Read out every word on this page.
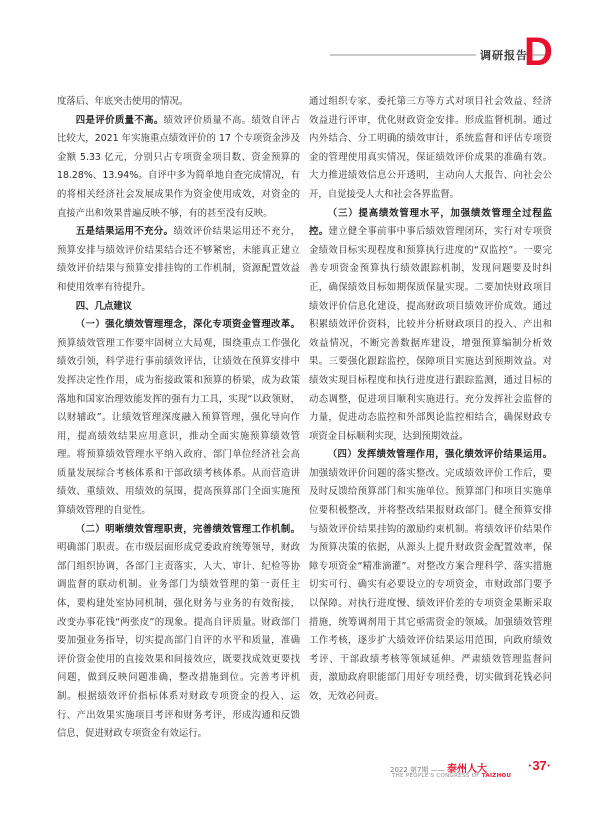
调研报告
D

度落后、年底突击使用的情况。

四是评价质量不高。绩效评价质量不高。绩效自评占比较大，2021 年实施重点绩效评价的 17 个专项资金涉及金额 5.33 亿元，分别只占专项资金项目数、资金预算的 18.28%、13.94%。自评中多为简单地自查完成情况，有的将相关经济社会发展成果作为资金使用成效，对资金的直接产出和效果普遍反映不够，有的甚至没有反映。

五是结果运用不充分。绩效评价结果运用还不充分，预算安排与绩效评价结果结合还不够紧密，未能真正建立绩效评价结果与预算安排挂钩的工作机制，资源配置效益和使用效率有待提升。

四、几点建议

（一）强化绩效管理理念，深化专项资金管理改革。预算绩效管理工作要牢固树立大局观，围绕重点工作强化绩效引领，科学进行事前绩效评估，让绩效在预算安排中发挥决定性作用，成为衔接政策和预算的桥梁，成为政策落地和国家治理效能发挥的强有力工具，实现“以政领财，以财辅政”。让绩效管理深度融入预算管理，强化导向作用，提高绩效结果应用意识，推动全面实施预算绩效管理。将预算绩效管理水平纳入政府、部门单位经济社会高质量发展综合考核体系和干部政绩考核体系。从而营造讲绩效、重绩效、用绩效的氛围，提高预算部门全面实施预算绩效管理的自觉性。

（二）明晰绩效管理职责，完善绩效管理工作机制。明确部门职责。在市级层面形成党委政府统筹领导，财政部门组织协调，各部门主责落实，人大、审计、纪检等协调监督的联动机制。业务部门为绩效管理的第一责任主体，要构建处室协同机制，强化财务与业务的有效衔接，改变办事花钱“两张皮”的现象。提高自评质量。财政部门要加强业务指导，切实提高部门自评的水平和质量，准确评价资金使用的直接效果和间接效应，既要找成效更要找问题，做到反映问题准确，整改措施到位。完善考评机制。根据绩效评价指标体系对财政专项资金的投入、运行、产出效果实施项目考评和财务考评，形成沟通和反馈信息，促进财政专项资金有效运行。

通过组织专家、委托第三方等方式对项目社会效益、经济效益进行评审，优化财政资金安排。形成监督机制。通过内外结合、分工明确的绩效审计，系统监督和评估专项资金的管理使用真实情况，保证绩效评价成果的准确有效。大力推进绩效信息公开透明，主动向人大报告、向社会公开，自觉接受人大和社会各界监督。

（三）提高绩效管理水平，加强绩效管理全过程监控。建立健全事前事中事后绩效管理闭环，实行对专项资金绩效目标实现程度和预算执行进度的“双监控”。一要完善专项资金预算执行绩效跟踪机制，发现问题要及时纠正，确保绩效目标如期保质保量实现。二要加快财政项目绩效评价信息化建设，提高财政项目绩效评价成效。通过积累绩效评价资料，比较并分析财政项目的投入、产出和效益情况，不断完善数据库建设，增强预算编制分析效果。三要强化跟踪监控，保障项目实施达到预期效益。对绩效实现目标程度和执行进度进行跟踪监测，通过目标的动态调整，促进项目顺利实施进行。充分发挥社会监督的力量，促进动态监控和外部舆论监控相结合，确保财政专项资金目标顺利实现，达到预期效益。

（四）发挥绩效管理作用，强化绩效评价结果运用。加强绩效评价问题的落实整改。完成绩效评价工作后，要及时反馈给预算部门和实施单位。预算部门和项目实施单位要积极整改，并将整改结果报财政部门。健全预算安排与绩效评价结果挂钩的激励约束机制。将绩效评价结果作为预算决策的依据，从源头上提升财政资金配置效率，保障专项资金“精准滴灌”。对整改方案合理科学、落实措施切实可行、确实有必要设立的专项资金，市财政部门要予以保障。对执行进度慢、绩效评价差的专项资金果断采取措施，统筹调剂用于其它亟需资金的领域。加强绩效管理工作考核，逐步扩大绩效评价结果运用范围，向政府绩效考评、干部政绩考核等领域延伸。严肃绩效管理监督问责，激励政府职能部门用好专项经费，切实做到花钱必问效，无效必问责。

2022 第7期 —— 泰州人大
THE PEOPLE'S CONGRESS OF TAIZHOU
·37·
